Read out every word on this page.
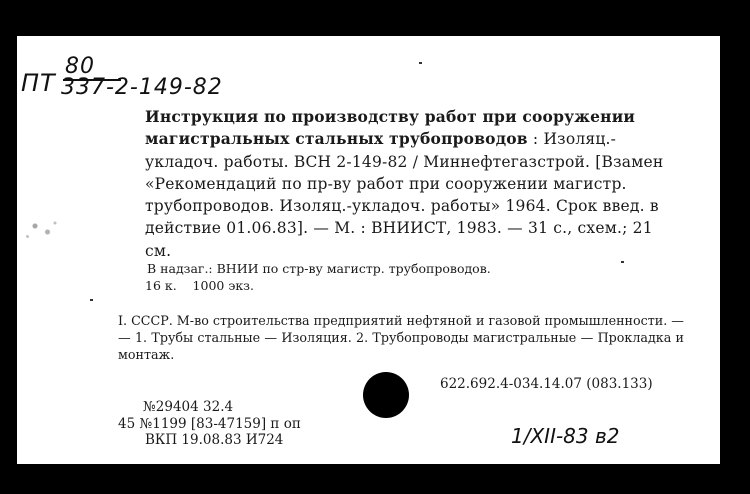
ПТ
80
337-2-149-82
Инструкция по производству работ при сооружении магистральных стальных трубопроводов : Изоляц.-укладоч. работы. ВСН 2-149-82 / Миннефтегазстрой. [Взамен «Рекомендаций по пр-ву работ при сооружении магистр. трубопроводов. Изоляц.-укладоч. работы» 1964. Срок введ. в действие 01.06.83]. — М. : ВНИИСТ, 1983. — 31 с., схем.; 21 см.
В надзаг.: ВНИИ по стр-ву магистр. трубопроводов.
16 к.    1000 экз.
I. СССР. М-во строительства предприятий нефтяной и газовой промышленности. — — 1. Трубы стальные — Изоляция. 2. Трубопроводы магистральные — Прокладка и монтаж.
622.692.4-034.14.07 (083.133)
№29404 32.4
45 №1199 [83-47159] п оп
ВКП 19.08.83 И724	1/XII-83 в2
